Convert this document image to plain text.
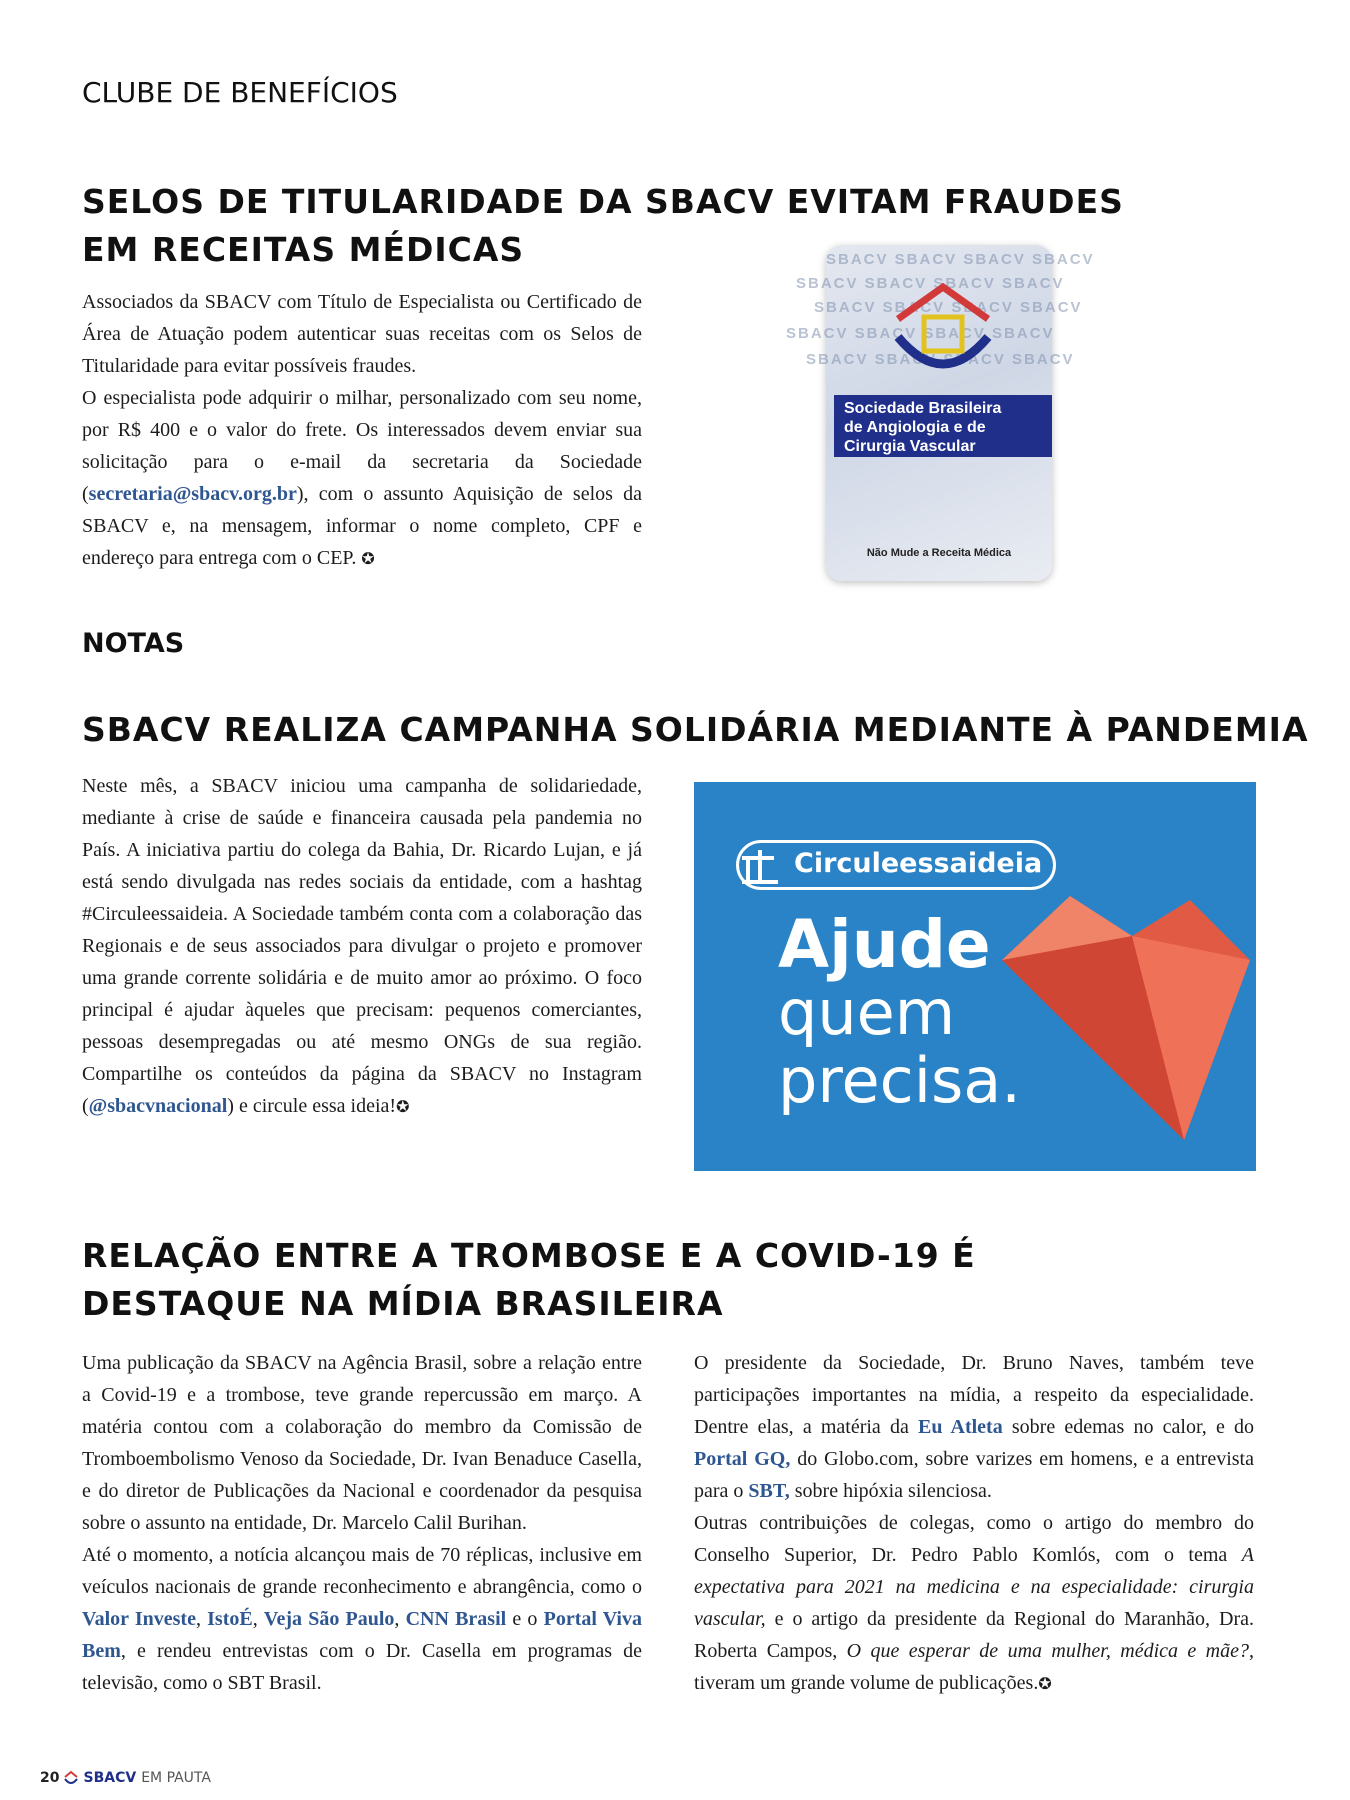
CLUBE DE BENEFÍCIOS
SELOS DE TITULARIDADE DA SBACV EVITAM FRAUDES
EM RECEITAS MÉDICAS

Associados da SBACV com Título de Especialista ou Certificado de Área de Atuação podem autenticar suas receitas com os Selos de Titularidade para evitar possíveis fraudes.

O especialista pode adquirir o milhar, personalizado com seu nome, por R$ 400 e o valor do frete. Os interessados devem enviar sua solicitação para o e-mail da secretaria da Sociedade (secretaria@sbacv.org.br), com o assunto Aquisição de selos da SBACV e, na mensagem, informar o nome completo, CPF e endereço para entrega com o CEP. ✪

SBACV SBACV SBACV SBACV
SBACV SBACV SBACV SBACV
SBACV SBACV SBACV SBACV
SBACV SBACV SBACV SBACV
SBACV SBACV SBACV SBACV
Sociedade Brasileira
de Angiologia e de
Cirurgia Vascular
Não Mude a Receita Médica
NOTAS
SBACV REALIZA CAMPANHA SOLIDÁRIA MEDIANTE À PANDEMIA

Neste mês, a SBACV iniciou uma campanha de solidariedade, mediante à crise de saúde e financeira causada pela pandemia no País. A iniciativa partiu do colega da Bahia, Dr. Ricardo Lujan, e já está sendo divulgada nas redes sociais da entidade, com a hashtag #Circuleessaideia. A Sociedade também conta com a colaboração das Regionais e de seus associados para divulgar o projeto e promover uma grande corrente solidária e de muito amor ao próximo. O foco principal é ajudar àqueles que precisam: pequenos comerciantes, pessoas desempregadas ou até mesmo ONGs de sua região. Compartilhe os conteúdos da página da SBACV no Instagram (@sbacvnacional) e circule essa ideia!✪

Circuleessaideia
Ajude
quem
precisa.
RELAÇÃO ENTRE A TROMBOSE E A COVID-19 É
DESTAQUE NA MÍDIA BRASILEIRA

Uma publicação da SBACV na Agência Brasil, sobre a relação entre a Covid-19 e a trombose, teve grande repercussão em março. A matéria contou com a colaboração do membro da Comissão de Tromboembolismo Venoso da Sociedade, Dr. Ivan Benaduce Casella, e do diretor de Publicações da Nacional e coordenador da pesquisa sobre o assunto na entidade, Dr. Marcelo Calil Burihan.

Até o momento, a notícia alcançou mais de 70 réplicas, inclusive em veículos nacionais de grande reconhecimento e abrangência, como o Valor Investe, IstoÉ, Veja São Paulo, CNN Brasil e o Portal Viva Bem, e rendeu entrevistas com o Dr. Casella em programas de televisão, como o SBT Brasil.

O presidente da Sociedade, Dr. Bruno Naves, também teve participações importantes na mídia, a respeito da especialidade. Dentre elas, a matéria da Eu Atleta sobre edemas no calor, e do Portal GQ, do Globo.com, sobre varizes em homens, e a entrevista para o SBT, sobre hipóxia silenciosa.

Outras contribuições de colegas, como o artigo do membro do Conselho Superior, Dr. Pedro Pablo Komlós, com o tema A expectativa para 2021 na medicina e na especialidade: cirurgia vascular, e o artigo da presidente da Regional do Maranhão, Dra. Roberta Campos, O que esperar de uma mulher, médica e mãe?, tiveram um grande volume de publicações.✪

20 SBACV EM PAUTA
